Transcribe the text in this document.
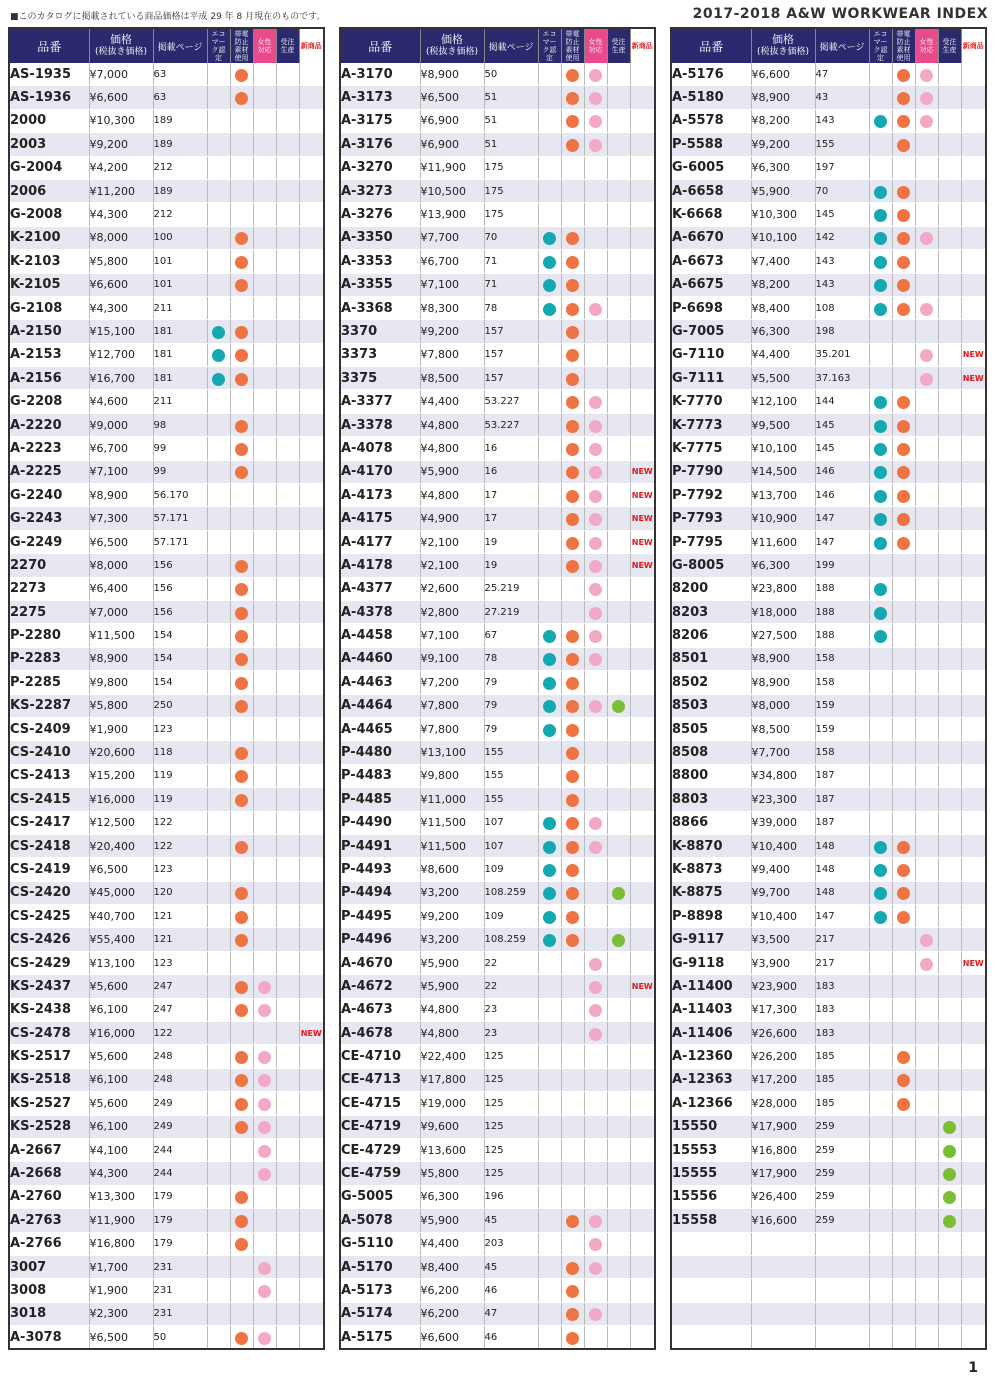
■このカタログに掲載されている商品価格は平成 29 年 8 月現在のものです。	2017-2018 A&W WORKWEAR INDEX
品番	価格
(税抜き価格)	掲載ページ	エコマーク認定	帯電防止素材使用	女性対応	受注生産	新商品

AS-1935	¥7,000	63					
AS-1936	¥6,600	63					
2000	¥10,300	189					
2003	¥9,200	189					
G-2004	¥4,200	212					
2006	¥11,200	189					
G-2008	¥4,300	212					
K-2100	¥8,000	100					
K-2103	¥5,800	101					
K-2105	¥6,600	101					
G-2108	¥4,300	211					
A-2150	¥15,100	181					
A-2153	¥12,700	181					
A-2156	¥16,700	181					
G-2208	¥4,600	211					
A-2220	¥9,000	98					
A-2223	¥6,700	99					
A-2225	¥7,100	99					
G-2240	¥8,900	56.170					
G-2243	¥7,300	57.171					
G-2249	¥6,500	57.171					
2270	¥8,000	156					
2273	¥6,400	156					
2275	¥7,000	156					
P-2280	¥11,500	154					
P-2283	¥8,900	154					
P-2285	¥9,800	154					
KS-2287	¥5,800	250					
CS-2409	¥1,900	123					
CS-2410	¥20,600	118					
CS-2413	¥15,200	119					
CS-2415	¥16,000	119					
CS-2417	¥12,500	122					
CS-2418	¥20,400	122					
CS-2419	¥6,500	123					
CS-2420	¥45,000	120					
CS-2425	¥40,700	121					
CS-2426	¥55,400	121					
CS-2429	¥13,100	123					
KS-2437	¥5,600	247					
KS-2438	¥6,100	247					
CS-2478	¥16,000	122					NEW
KS-2517	¥5,600	248					
KS-2518	¥6,100	248					
KS-2527	¥5,600	249					
KS-2528	¥6,100	249					
A-2667	¥4,100	244					
A-2668	¥4,300	244					
A-2760	¥13,300	179					
A-2763	¥11,900	179					
A-2766	¥16,800	179					
3007	¥1,700	231					
3008	¥1,900	231					
3018	¥2,300	231					
A-3078	¥6,500	50					
品番	価格
(税抜き価格)	掲載ページ	エコマーク認定	帯電防止素材使用	女性対応	受注生産	新商品

A-3170	¥8,900	50					
A-3173	¥6,500	51					
A-3175	¥6,900	51					
A-3176	¥6,900	51					
A-3270	¥11,900	175					
A-3273	¥10,500	175					
A-3276	¥13,900	175					
A-3350	¥7,700	70					
A-3353	¥6,700	71					
A-3355	¥7,100	71					
A-3368	¥8,300	78					
3370	¥9,200	157					
3373	¥7,800	157					
3375	¥8,500	157					
A-3377	¥4,400	53.227					
A-3378	¥4,800	53.227					
A-4078	¥4,800	16					
A-4170	¥5,900	16					NEW
A-4173	¥4,800	17					NEW
A-4175	¥4,900	17					NEW
A-4177	¥2,100	19					NEW
A-4178	¥2,100	19					NEW
A-4377	¥2,600	25.219					
A-4378	¥2,800	27.219					
A-4458	¥7,100	67					
A-4460	¥9,100	78					
A-4463	¥7,200	79					
A-4464	¥7,800	79					
A-4465	¥7,800	79					
P-4480	¥13,100	155					
P-4483	¥9,800	155					
P-4485	¥11,000	155					
P-4490	¥11,500	107					
P-4491	¥11,500	107					
P-4493	¥8,600	109					
P-4494	¥3,200	108.259					
P-4495	¥9,200	109					
P-4496	¥3,200	108.259					
A-4670	¥5,900	22					
A-4672	¥5,900	22					NEW
A-4673	¥4,800	23					
A-4678	¥4,800	23					
CE-4710	¥22,400	125					
CE-4713	¥17,800	125					
CE-4715	¥19,000	125					
CE-4719	¥9,600	125					
CE-4729	¥13,600	125					
CE-4759	¥5,800	125					
G-5005	¥6,300	196					
A-5078	¥5,900	45					
G-5110	¥4,400	203					
A-5170	¥8,400	45					
A-5173	¥6,200	46					
A-5174	¥6,200	47					
A-5175	¥6,600	46					
品番	価格
(税抜き価格)	掲載ページ	エコマーク認定	帯電防止素材使用	女性対応	受注生産	新商品

A-5176	¥6,600	47					
A-5180	¥8,900	43					
A-5578	¥8,200	143					
P-5588	¥9,200	155					
G-6005	¥6,300	197					
A-6658	¥5,900	70					
K-6668	¥10,300	145					
A-6670	¥10,100	142					
A-6673	¥7,400	143					
A-6675	¥8,200	143					
P-6698	¥8,400	108					
G-7005	¥6,300	198					
G-7110	¥4,400	35.201					NEW
G-7111	¥5,500	37.163					NEW
K-7770	¥12,100	144					
K-7773	¥9,500	145					
K-7775	¥10,100	145					
P-7790	¥14,500	146					
P-7792	¥13,700	146					
P-7793	¥10,900	147					
P-7795	¥11,600	147					
G-8005	¥6,300	199					
8200	¥23,800	188					
8203	¥18,000	188					
8206	¥27,500	188					
8501	¥8,900	158					
8502	¥8,900	158					
8503	¥8,000	159					
8505	¥8,500	159					
8508	¥7,700	158					
8800	¥34,800	187					
8803	¥23,300	187					
8866	¥39,000	187					
K-8870	¥10,400	148					
K-8873	¥9,400	148					
K-8875	¥9,700	148					
P-8898	¥10,400	147					
G-9117	¥3,500	217					
G-9118	¥3,900	217					NEW
A-11400	¥23,900	183					
A-11403	¥17,300	183					
A-11406	¥26,600	183					
A-12360	¥26,200	185					
A-12363	¥17,200	185					
A-12366	¥28,000	185					
15550	¥17,900	259					
15553	¥16,800	259					
15555	¥17,900	259					
15556	¥26,400	259					
15558	¥16,600	259					

1
